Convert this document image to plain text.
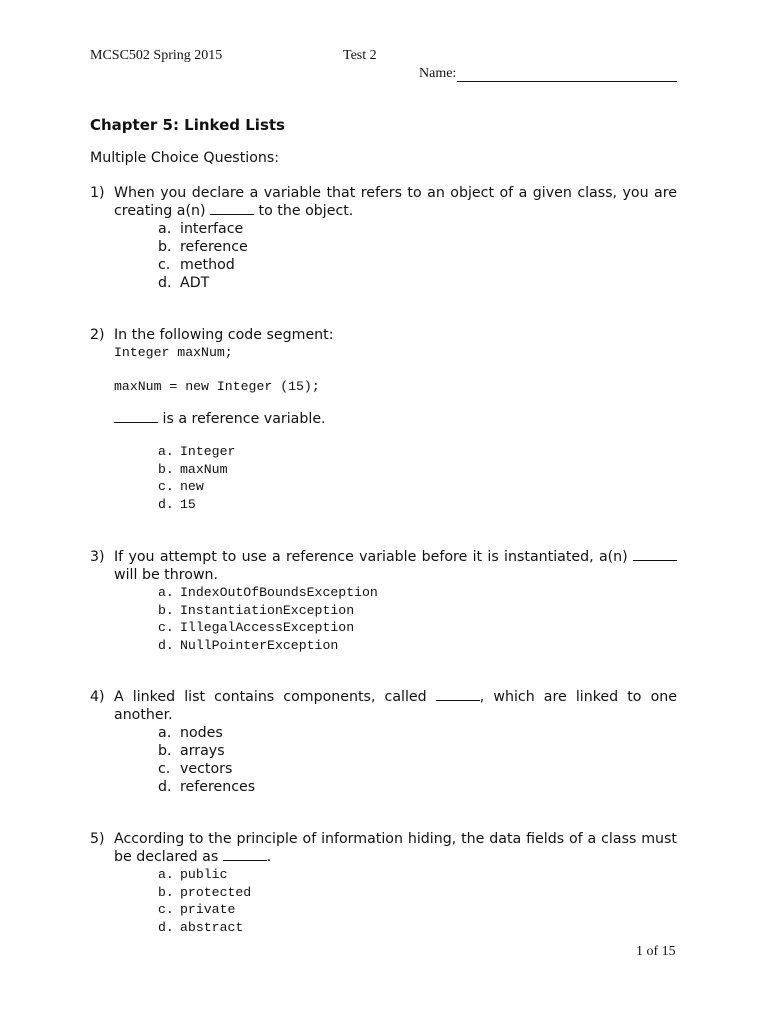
MCSC502 Spring 2015	Test 2
Name:
Chapter 5: Linked Lists
Multiple Choice Questions:
1) When you declare a variable that refers to an object of a given class, you are creating a(n)	to the object.
a. interface
b. reference
c. method
d. ADT
2) In the following code segment:
Integer maxNum;
maxNum = new Integer (15);
is a reference variable.
a. Integer
b. maxNum
c. new
d. 15
3) If you attempt to use a reference variable before it is instantiated, a(n)  will be thrown.
a. IndexOutOfBoundsException
b. InstantiationException
c. IllegalAccessException
d. NullPointerException
4) A linked list contains components, called	, which are linked to one another.
a. nodes
b. arrays
c. vectors
d. references
5) According to the principle of information hiding, the data fields of a class must be declared as	.
a. public
b. protected
c. private
d. abstract
1 of 15
